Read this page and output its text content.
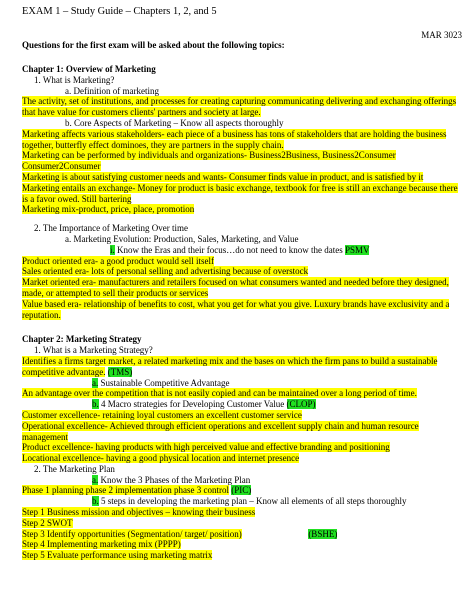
EXAM 1 – Study Guide – Chapters 1, 2, and 5
MAR 3023
Questions for the first exam will be asked about the following topics:
Chapter 1: Overview of Marketing
1. What is Marketing?
a. Definition of marketing
The activity, set of institutions, and processes for creating capturing communicating delivering and exchanging offerings that have value for customers clients' partners and society at large.
b. Core Aspects of Marketing – Know all aspects thoroughly
Marketing affects various stakeholders- each piece of a business has tons of stakeholders that are holding the business together, butterfly effect dominoes, they are partners in the supply chain.
Marketing can be performed by individuals and organizations- Business2Business, Business2Consumer Consumer2Consumer
Marketing is about satisfying customer needs and wants- Consumer finds value in product, and is satisfied by it
Marketing entails an exchange- Money for product is basic exchange, textbook for free is still an exchange because there is a favor owed. Still bartering
Marketing mix-product, price, place, promotion
2. The Importance of Marketing Over time
a. Marketing Evolution: Production, Sales, Marketing, and Value
i. Know the Eras and their focus…do not need to know the dates PSMV
Product oriented era- a good product would sell itself
Sales oriented era- lots of personal selling and advertising because of overstock
Market oriented era- manufacturers and retailers focused on what consumers wanted and needed before they designed, made, or attempted to sell their products or services
Value based era- relationship of benefits to cost, what you get for what you give. Luxury brands have exclusivity and a reputation.
Chapter 2: Marketing Strategy
1. What is a Marketing Strategy?
Identifies a firms target market, a related marketing mix and the bases on which the firm pans to build a sustainable competitive advantage. (TMS)
a. Sustainable Competitive Advantage
An advantage over the competition that is not easily copied and can be maintained over a long period of time.
b. 4 Macro strategies for Developing Customer Value (CLOP)
Customer excellence- retaining loyal customers an excellent customer service
Operational excellence- Achieved through efficient operations and excellent supply chain and human resource management
Product excellence- having products with high perceived value and effective branding and positioning
Locational excellence- having a good physical location and internet presence
2. The Marketing Plan
a. Know the 3 Phases of the Marketing Plan
Phase 1 planning phase 2 implementation phase 3 control (PIC)
b. 5 steps in developing the marketing plan – Know all elements of all steps thoroughly
Step 1 Business mission and objectives – knowing their business
Step 2 SWOT
Step 3 Identify opportunities (Segmentation/ target/ position)	(BSHE)
Step 4 Implementing marketing mix (PPPP)
Step 5 Evaluate performance using marketing matrix
